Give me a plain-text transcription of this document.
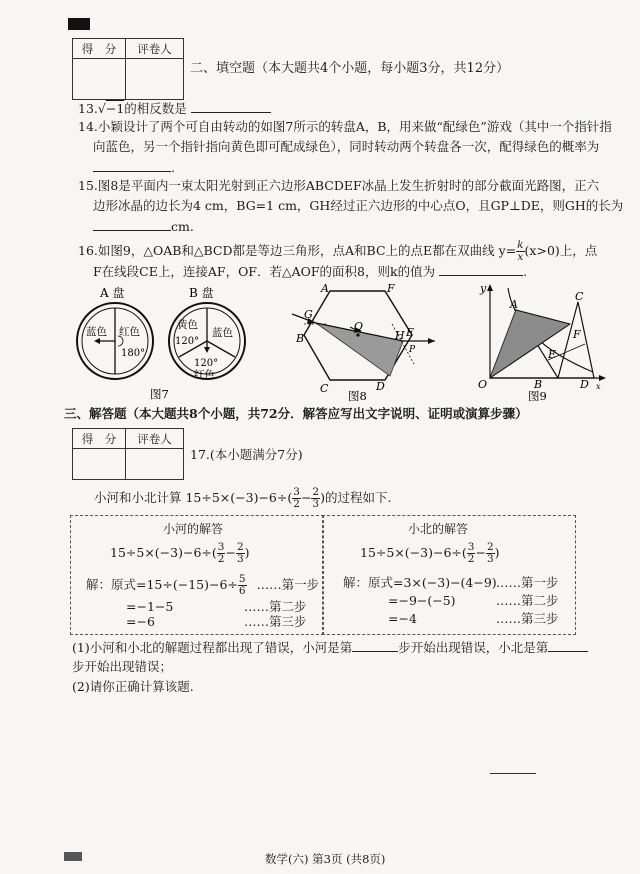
得　分	评卷人

二、填空题（本大题共4个小题，每小题3分，共12分）
13.√−1的相反数是
14.小颖设计了两个可自由转动的如图7所示的转盘A，B，用来做“配绿色”游戏（其中一个指针指
向蓝色，另一个指针指向黄色即可配成绿色），同时转动两个转盘各一次，配得绿色的概率为
.
15.图8是平面内一束太阳光射到正六边形ABCDEF冰晶上发生折射时的部分截面光路图，正六
边形冰晶的边长为4 cm，BG=1 cm，GH经过正六边形的中心点O，且GP⊥DE，则GH的长为
cm.
16.如图9，△OAB和△BCD都是等边三角形，点A和BC上的点E都在双曲线 $y= \frac{k}{x} (x>0)$上，点
F在线段CE上，连接AF，OF．若△AOF的面积8，则k的值为	.
A 盘	B 盘
蓝色 红色
180°
黄色
蓝色
120°
120°
红色
图7
A	F
G
O
H E
B
C	D
P
图8
y
A
C
F
E
O	B	D x
图9
三、解答题（本大题共8个小题，共72分．解答应写出文字说明、证明或演算步骤）
得　分	评卷人

17.(本小题满分7分)
小河和小北计算 $15\div 5\times(-3)-6\div( \frac{3}{2} - \frac{2}{3}$ )的过程如下.
小河的解答
$15\div 5\times(-3)-6\div( \frac{3}{2} - \frac{2}{3}$ )
解：原式$=15\div(-15)-6\div \frac{5}{6}$ ……第一步
=−1−5	……第二步
=−6	……第三步
小北的解答
$15\div 5\times(-3)-6\div( \frac{3}{2} - \frac{2}{3}$ )
解：原式=3×(−3)−(4−9) ……第一步
=−9−(−5)	……第二步
=−4	……第三步
(1)小河和小北的解题过程都出现了错误，小河是第	步开始出现错误，小北是第
步开始出现错误；
(2)请你正确计算该题.
数学(六) 第3页 (共8页)
